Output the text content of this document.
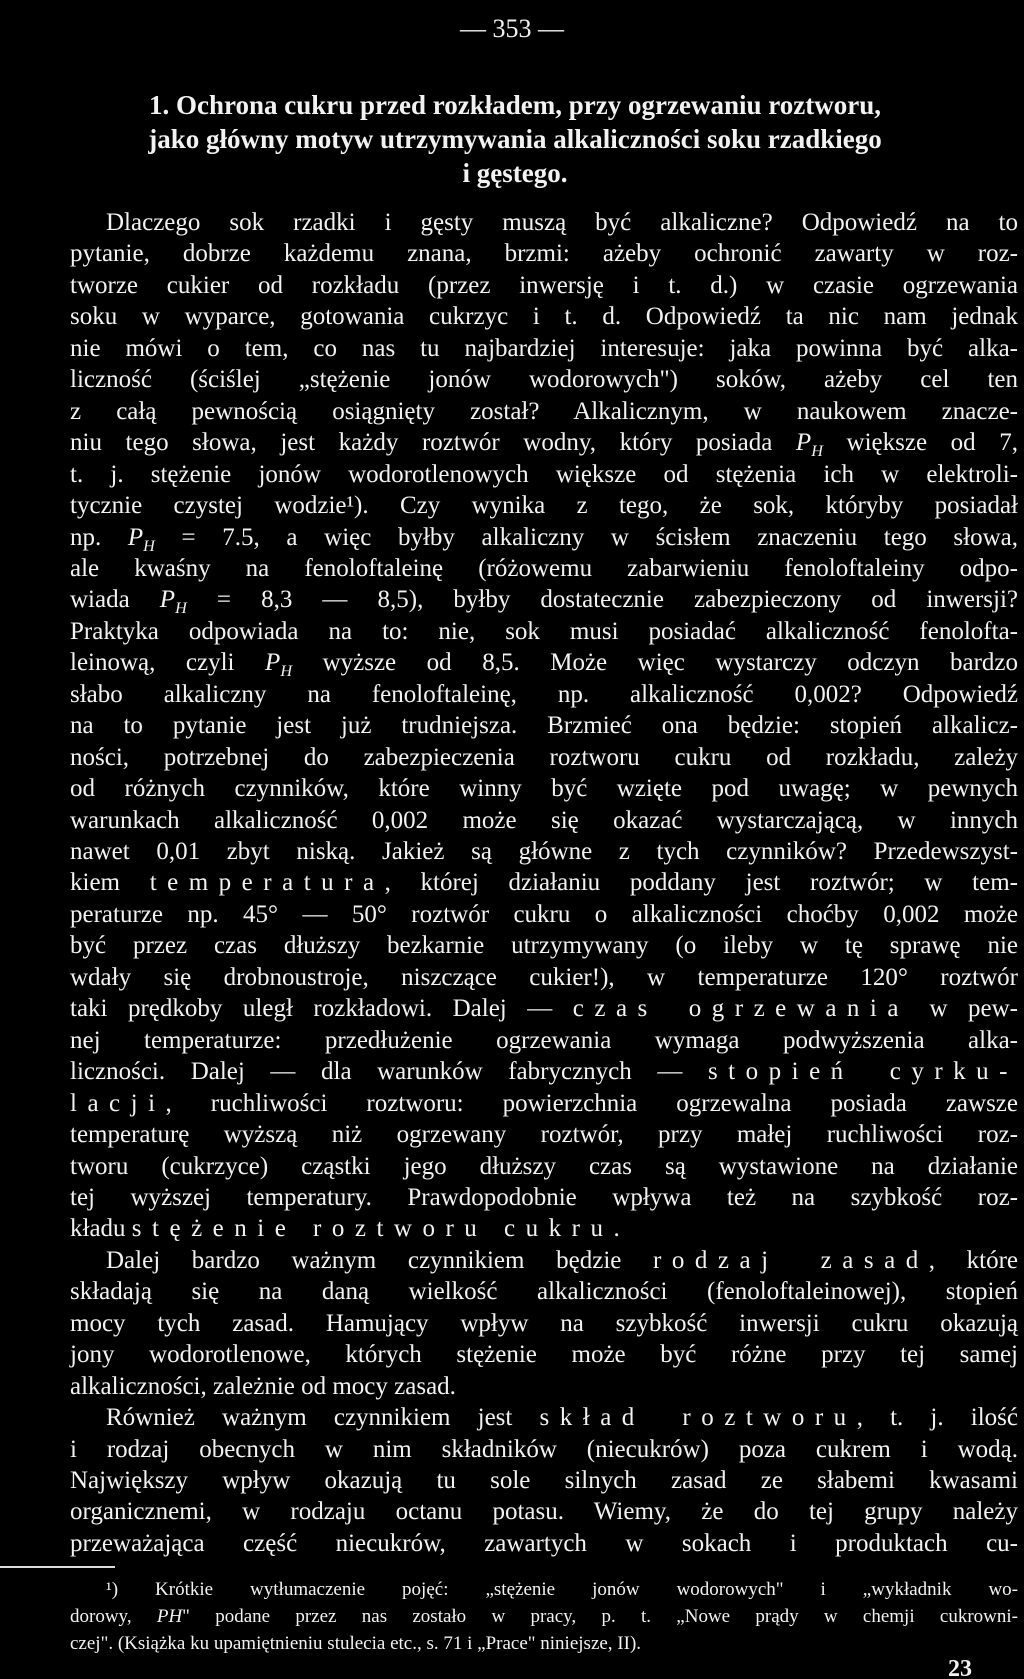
— 353 —
1. Ochrona cukru przed rozkładem, przy ogrzewaniu roztworu,
jako główny motyw utrzymywania alkaliczności soku rzadkiego
i gęstego.
Dlaczego sok rzadki i gęsty muszą być alkaliczne? Odpowiedź na to
pytanie, dobrze każdemu znana, brzmi: ażeby ochronić zawarty w roz-
tworze cukier od rozkładu (przez inwersję i t. d.) w czasie ogrzewania
soku w wyparce, gotowania cukrzyc i t. d. Odpowiedź ta nic nam jednak
nie mówi o tem, co nas tu najbardziej interesuje: jaka powinna być alka-
liczność (ściślej „stężenie jonów wodorowych") soków, ażeby cel ten
z całą pewnością osiągnięty został? Alkalicznym, w naukowem znacze-
niu tego słowa, jest każdy roztwór wodny, który posiada $P_H$ większe od 7,
t. j. stężenie jonów wodorotlenowych większe od stężenia ich w elektroli-
tycznie czystej wodzie¹). Czy wynika z tego, że sok, któryby posiadał
np. $P_H = 7.5$, a więc byłby alkaliczny w ścisłem znaczeniu tego słowa,
ale kwaśny na fenoloftaleinę (różowemu zabarwieniu fenoloftaleiny odpo-
wiada $P_H = 8,3$ — 8,5), byłby dostatecznie zabezpieczony od inwersji?
Praktyka odpowiada na to: nie, sok musi posiadać alkaliczność fenolofta-
leinową, czyli $P_H$ wyższe od 8,5. Może więc wystarczy odczyn bardzo
słabo alkaliczny na fenoloftaleinę, np. alkaliczność 0,002? Odpowiedź
na to pytanie jest już trudniejsza. Brzmieć ona będzie: stopień alkalicz-
ności, potrzebnej do zabezpieczenia roztworu cukru od rozkładu, zależy
od różnych czynników, które winny być wzięte pod uwagę; w pewnych
warunkach alkaliczność 0,002 może się okazać wystarczającą, w innych
nawet 0,01 zbyt niską. Jakież są główne z tych czynników? Przedewszyst-
kiem temperatura, której działaniu poddany jest roztwór; w tem-
peraturze np. 45° — 50° roztwór cukru o alkaliczności choćby 0,002 może
być przez czas dłuższy bezkarnie utrzymywany (o ileby w tę sprawę nie
wdały się drobnoustroje, niszczące cukier!), w temperaturze 120° roztwór
taki prędkoby uległ rozkładowi. Dalej — czas ogrzewania w pew-
nej temperaturze: przedłużenie ogrzewania wymaga podwyższenia alka-
liczności. Dalej — dla warunków fabrycznych — stopień cyrku-
lacji, ruchliwości roztworu: powierzchnia ogrzewalna posiada zawsze
temperaturę wyższą niż ogrzewany roztwór, przy małej ruchliwości roz-
tworu (cukrzyce) cząstki jego dłuższy czas są wystawione na działanie
tej wyższej temperatury. Prawdopodobnie wpływa też na szybkość roz-
kładu stężenie roztworu cukru.
Dalej bardzo ważnym czynnikiem będzie rodzaj zasad, które
składają się na daną wielkość alkaliczności (fenoloftaleinowej), stopień
mocy tych zasad. Hamujący wpływ na szybkość inwersji cukru okazują
jony wodorotlenowe, których stężenie może być różne przy tej samej
alkaliczności, zależnie od mocy zasad.
Również ważnym czynnikiem jest skład roztworu, t. j. ilość
i rodzaj obecnych w nim składników (niecukrów) poza cukrem i wodą.
Największy wpływ okazują tu sole silnych zasad ze słabemi kwasami
organicznemi, w rodzaju octanu potasu. Wiemy, że do tej grupy należy
przeważająca część niecukrów, zawartych w sokach i produktach cu-
¹) Krótkie wytłumaczenie pojęć: „stężenie jonów wodorowych" i „wykładnik wo-
dorowy, PH" podane przez nas zostało w pracy, p. t. „Nowe prądy w chemji cukrowni-
czej". (Książka ku upamiętnieniu stulecia etc., s. 71 i „Prace" niniejsze, II).
23
